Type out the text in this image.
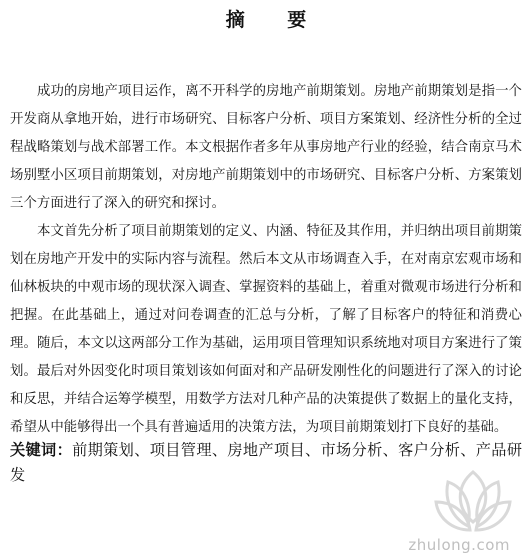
摘 要

成功的房地产项目运作，离不开科学的房地产前期策划。房地产前期策划是指一个开发商从拿地开始，进行市场研究、目标客户分析、项目方案策划、经济性分析的全过程战略策划与战术部署工作。本文根据作者多年从事房地产行业的经验，结合南京马术场别墅小区项目前期策划，对房地产前期策划中的市场研究、目标客户分析、方案策划三个方面进行了深入的研究和探讨。

本文首先分析了项目前期策划的定义、内涵、特征及其作用，并归纳出项目前期策划在房地产开发中的实际内容与流程。然后本文从市场调查入手，在对南京宏观市场和仙林板块的中观市场的现状深入调查、掌握资料的基础上，着重对微观市场进行分析和把握。在此基础上，通过对问卷调查的汇总与分析，了解了目标客户的特征和消费心理。随后，本文以这两部分工作为基础，运用项目管理知识系统地对项目方案进行了策划。最后对外因变化时项目策划该如何面对和产品研发刚性化的问题进行了深入的讨论和反思，并结合运筹学模型，用数学方法对几种产品的决策提供了数据上的量化支持，希望从中能够得出一个具有普遍适用的决策方法，为项目前期策划打下良好的基础。

关键词：前期策划、项目管理、房地产项目、市场分析、客户分析、产品研发
zhulong.com
